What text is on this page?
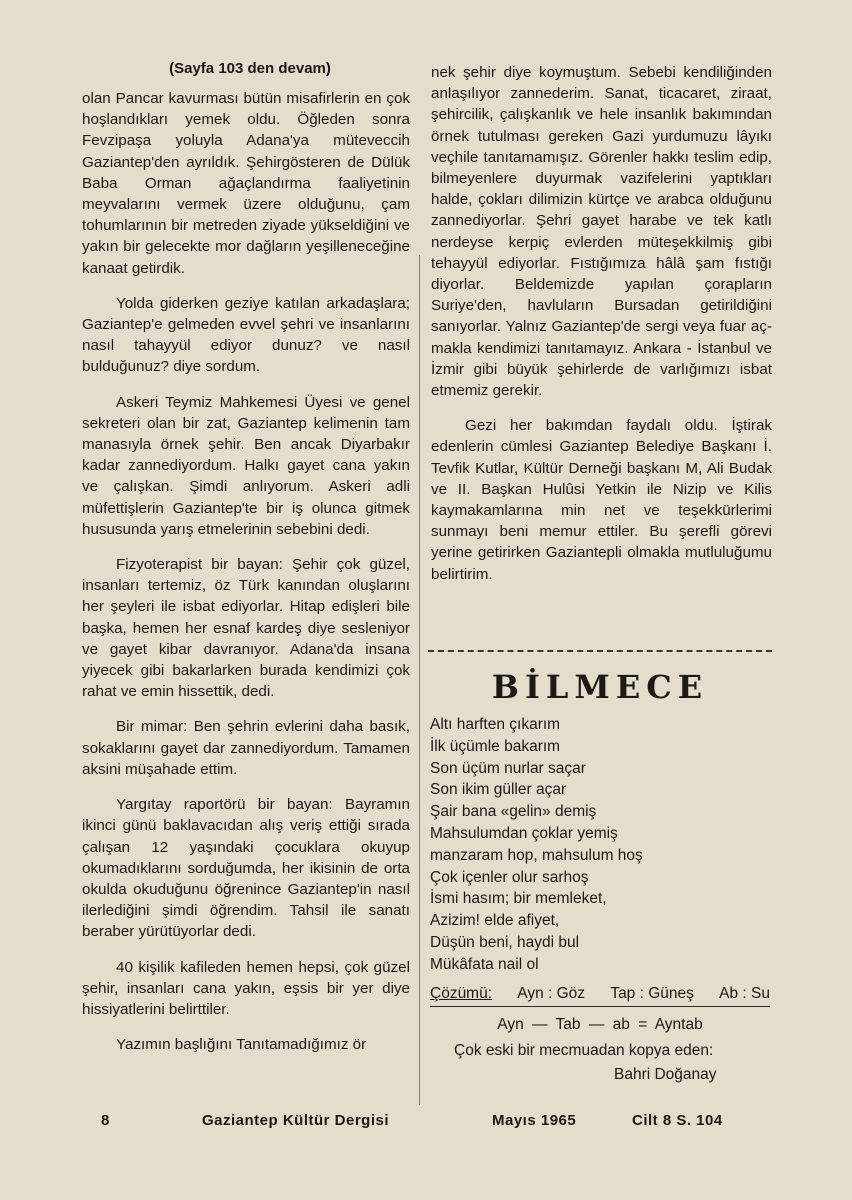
(Sayfa 103 den devam)

olan Pancar kavurması bütün misafirlerin en çok hoşlandıkları yemek oldu. Öğleden sonra Fevzipaşa yoluyla Adana'ya müteveccih Gaziantep'den ayrıldık. Şehirgösteren de Dülük Baba Orman ağaçlandırma faaliyetinin meyvalarını vermek üzere olduğunu, çam tohumlarının bir metreden ziyade yükseldiğini ve yakın bir gelecekte mor dağların yeşilleneceğine kanaat getirdik.

Yolda giderken geziye katılan arkadaşlara; Gaziantep'e gelmeden evvel şehri ve insanlarını nasıl tahayyül ediyor dunuz? ve nasıl bulduğunuz? diye sordum.

Askeri Teymiz Mahkemesi Üyesi ve genel sekreteri olan bir zat, Gaziantep kelimenin tam manasıyla örnek şehir. Ben ancak Diyarbakır kadar zannediyordum. Halkı gayet cana yakın ve çalışkan. Şimdi anlıyorum. Askeri adli müfettişlerin Gaziantep'te bir iş olunca gitmek hususunda yarış etmelerinin sebebini dedi.

Fizyoterapist bir bayan: Şehir çok güzel, insanları tertemiz, öz Türk kanından oluşlarını her şeyleri ile isbat ediyorlar. Hitap edişleri bile başka, hemen her esnaf kardeş diye sesleniyor ve gayet kibar davranıyor. Adana'da insana yiyecek gibi bakarlarken burada kendimizi çok rahat ve emin hissettik, dedi.

Bir mimar: Ben şehrin evlerini daha basık, sokaklarını gayet dar zannediyordum. Tamamen aksini müşahade ettim.

Yargıtay raportörü bir bayan: Bayramın ikinci günü baklavacıdan alış veriş ettiği sırada çalışan 12 yaşındaki çocuklara okuyup okumadıklarını sorduğumda, her ikisinin de orta okulda okuduğunu öğrenince Gaziantep'in nasıl ilerlediğini şimdi öğrendim. Tahsil ile sanatı beraber yürütüyorlar dedi.

40 kişilik kafileden hemen hepsi, çok güzel şehir, insanları cana yakın, eşsis bir yer diye hissiyatlerini belirttiler.

Yazımın başlığını Tanıtamadığımız ör

nek şehir diye koymuştum. Sebebi kendiliğinden anlaşılıyor zannederim. Sanat, ticacaret, ziraat, şehircilik, çalışkanlık ve hele insanlık bakımından örnek tutulması gereken Gazi yurdumuzu lâyıkı veçhile tanıtamamışız. Görenler hakkı teslim edip, bilmeyenlere duyurmak vazifelerini yaptıkları halde, çokları dilimizin kürtçe ve arabca olduğunu zannediyorlar. Şehri gayet harabe ve tek katlı nerdeyse kerpiç evlerden müteşekkilmiş gibi tehayyül ediyorlar. Fıstığımıza hâlâ şam fıstığı diyorlar. Beldemizde yapılan çorapların Suriye'den, havluların Bursadan getirildiğini sanıyorlar. Yalnız Gaziantep'de sergi veya fuar açmakla kendimizi tanıtamayız. Ankara - İstanbul ve İzmir gibi büyük şehirlerde de varlığımızı isbat etmemiz gerekir.

Gezi her bakımdan faydalı oldu. İştirak edenlerin cümlesi Gaziantep Belediye Başkanı İ. Tevfik Kutlar, Kültür Derneği başkanı M, Ali Budak ve II. Başkan Hulûsi Yetkin ile Nizip ve Kilis kaymakamlarına min net ve teşekkürlerimi sunmayı beni memur ettiler. Bu şerefli görevi yerine getirirken Gaziantepli olmakla mutluluğumu belirtirim.

BİLMECE
Altı harften çıkarım
İlk üçümle bakarım
Son üçüm nurlar saçar
Son ikim güller açar
Şair bana «gelin» demiş
Mahsulumdan çoklar yemiş
manzaram hop, mahsulum hoş
Çok içenler olur sarhoş
İsmi hasım; bir memleket,
Azizim! elde afiyet,
Düşün beni, haydi bul
Mükâfata nail ol
Çözümü: Ayn : Göz Tap : Güneş Ab : Su
Ayn — Tab — ab = Ayntab
Çok eski bir mecmuadan kopya eden:
Bahri Doğanay
8	Gaziantep Kültür Dergisi	Mayıs 1965	Cilt 8 S. 104
